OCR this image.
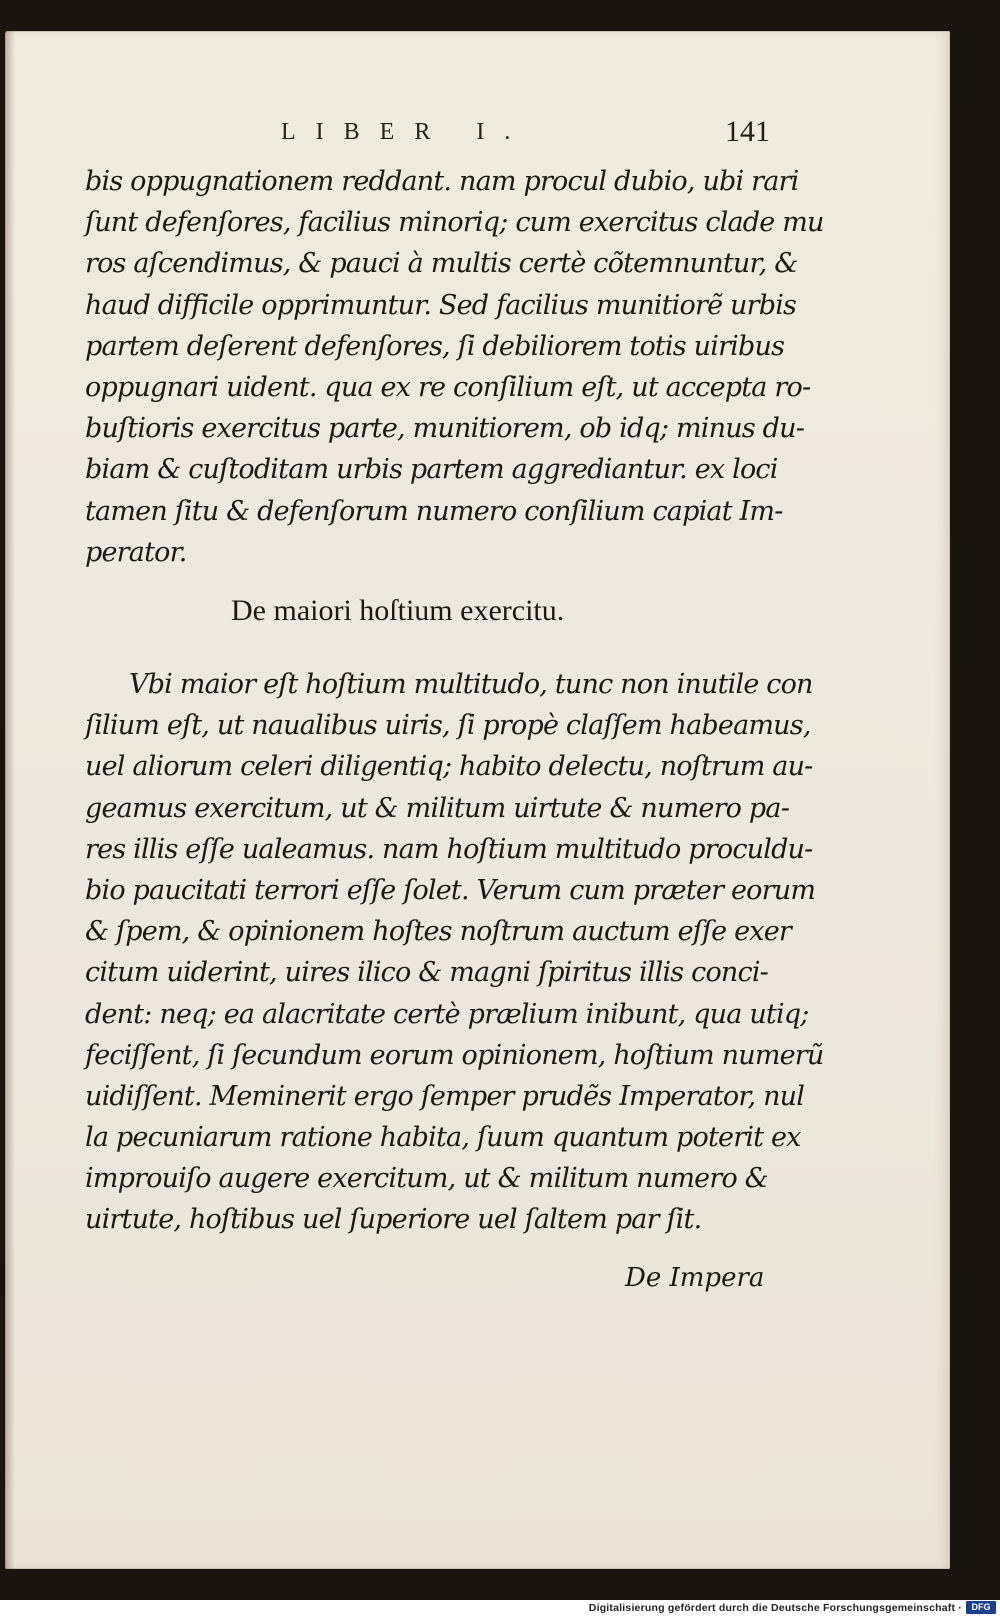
LIBER I.	141
bis oppugnationem reddant. nam procul dubio, ubi rari
ſunt defenſores, facilius minoriq; cum exercitus clade mu
ros aſcendimus, & pauci à multis certè cõtemnuntur, &
haud difficile opprimuntur. Sed facilius munitiorẽ urbis
partem deſerent defenſores, ſi debiliorem totis uiribus
oppugnari uident. qua ex re conſilium eſt, ut accepta ro-
buſtioris exercitus parte, munitiorem, ob idq; minus du-
biam & cuſtoditam urbis partem aggrediantur. ex loci
tamen ſitu & defenſorum numero conſilium capiat Im-
perator.
De maiori hoſtium exercitu.
Vbi maior eſt hoſtium multitudo, tunc non inutile con
ſilium eſt, ut naualibus uiris, ſi propè claſſem habeamus,
uel aliorum celeri diligentiq; habito delectu, noſtrum au-
geamus exercitum, ut & militum uirtute & numero pa-
res illis eſſe ualeamus. nam hoſtium multitudo proculdu-
bio paucitati terrori eſſe ſolet. Verum cum præter eorum
& ſpem, & opinionem hoſtes noſtrum auctum eſſe exer
citum uiderint, uires ilico & magni ſpiritus illis conci-
dent: neq; ea alacritate certè prælium inibunt, qua utiq;
feciſſent, ſi ſecundum eorum opinionem, hoſtium numerũ
uidiſſent. Meminerit ergo ſemper prudẽs Imperator, nul
la pecuniarum ratione habita, ſuum quantum poterit ex
improuiſo augere exercitum, ut & militum numero &
uirtute, hoſtibus uel ſuperiore uel ſaltem par ſit.
De Impera
Digitalisierung gefördert durch die Deutsche Forschungsgemeinschaft ·	DFG
